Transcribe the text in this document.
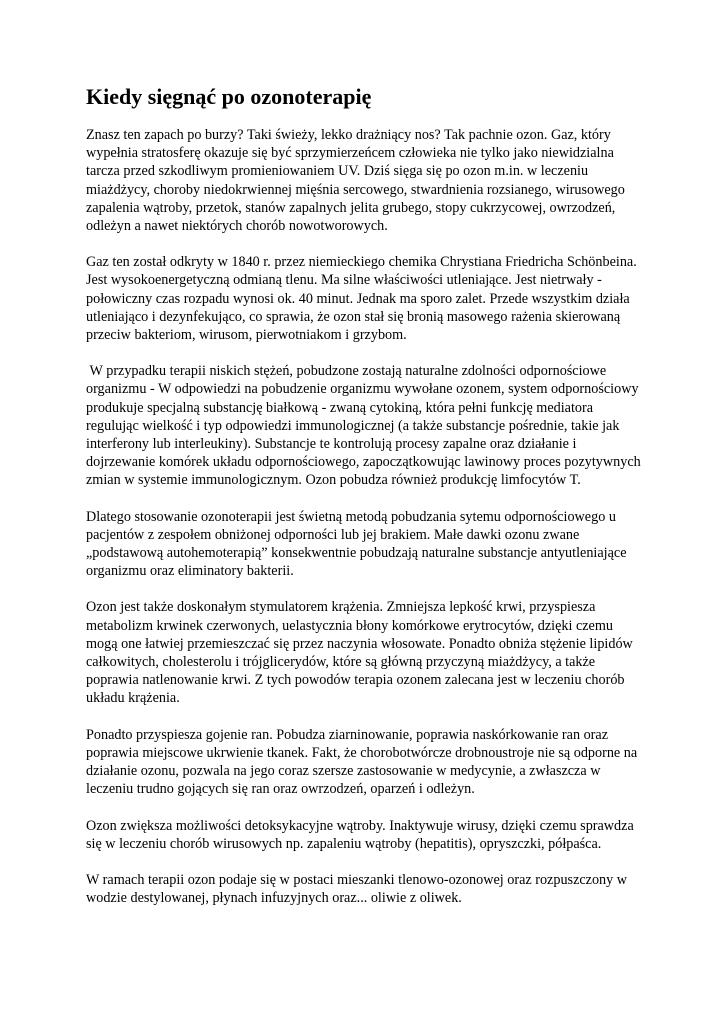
Kiedy sięgnąć po ozonoterapię

Znasz ten zapach po burzy? Taki świeży, lekko drażniący nos? Tak pachnie ozon. Gaz, który wypełnia stratosferę okazuje się być sprzymierzeńcem człowieka nie tylko jako niewidzialna tarcza przed szkodliwym promieniowaniem UV. Dziś sięga się po ozon m.in. w leczeniu miażdżycy, choroby niedokrwiennej mięśnia sercowego, stwardnienia rozsianego, wirusowego zapalenia wątroby, przetok, stanów zapalnych jelita grubego, stopy cukrzycowej, owrzodzeń, odleżyn a nawet niektórych chorób nowotworowych.

Gaz ten został odkryty w 1840 r. przez niemieckiego chemika Chrystiana Friedricha Schönbeina. Jest wysokoenergetyczną odmianą tlenu. Ma silne właściwości utleniające. Jest nietrwały - połowiczny czas rozpadu wynosi ok. 40 minut. Jednak ma sporo zalet. Przede wszystkim działa utleniająco i dezynfekująco, co sprawia, że ozon stał się bronią masowego rażenia skierowaną przeciw bakteriom, wirusom, pierwotniakom i grzybom.

W przypadku terapii niskich stężeń, pobudzone zostają naturalne zdolności odpornościowe organizmu - W odpowiedzi na pobudzenie organizmu wywołane ozonem, system odpornościowy produkuje specjalną substancję białkową - zwaną cytokiną, która pełni funkcję mediatora regulując wielkość i typ odpowiedzi immunologicznej (a także substancje pośrednie, takie jak interferony lub interleukiny). Substancje te kontrolują procesy zapalne oraz działanie i dojrzewanie komórek układu odpornościowego, zapoczątkowując lawinowy proces pozytywnych zmian w systemie immunologicznym. Ozon pobudza również produkcję limfocytów T.

Dlatego stosowanie ozonoterapii jest świetną metodą pobudzania sytemu odpornościowego u pacjentów z zespołem obniżonej odporności lub jej brakiem. Małe dawki ozonu zwane „podstawową autohemoterapią” konsekwentnie pobudzają naturalne substancje antyutleniające organizmu oraz eliminatory bakterii.

Ozon jest także doskonałym stymulatorem krążenia. Zmniejsza lepkość krwi, przyspiesza metabolizm krwinek czerwonych, uelastycznia błony komórkowe erytrocytów, dzięki czemu mogą one łatwiej przemieszczać się przez naczynia włosowate. Ponadto obniża stężenie lipidów całkowitych, cholesterolu i trójglicerydów, które są główną przyczyną miażdżycy, a także poprawia natlenowanie krwi. Z tych powodów terapia ozonem zalecana jest w leczeniu chorób układu krążenia.

Ponadto przyspiesza gojenie ran. Pobudza ziarninowanie, poprawia naskórkowanie ran oraz poprawia miejscowe ukrwienie tkanek. Fakt, że chorobotwórcze drobnoustroje nie są odporne na działanie ozonu, pozwala na jego coraz szersze zastosowanie w medycynie, a zwłaszcza w leczeniu trudno gojących się ran oraz owrzodzeń, oparzeń i odleżyn.

Ozon zwiększa możliwości detoksykacyjne wątroby. Inaktywuje wirusy, dzięki czemu sprawdza się w leczeniu chorób wirusowych np. zapaleniu wątroby (hepatitis), opryszczki, półpaśca.

W ramach terapii ozon podaje się w postaci mieszanki tlenowo-ozonowej oraz rozpuszczony w wodzie destylowanej, płynach infuzyjnych oraz... oliwie z oliwek.
